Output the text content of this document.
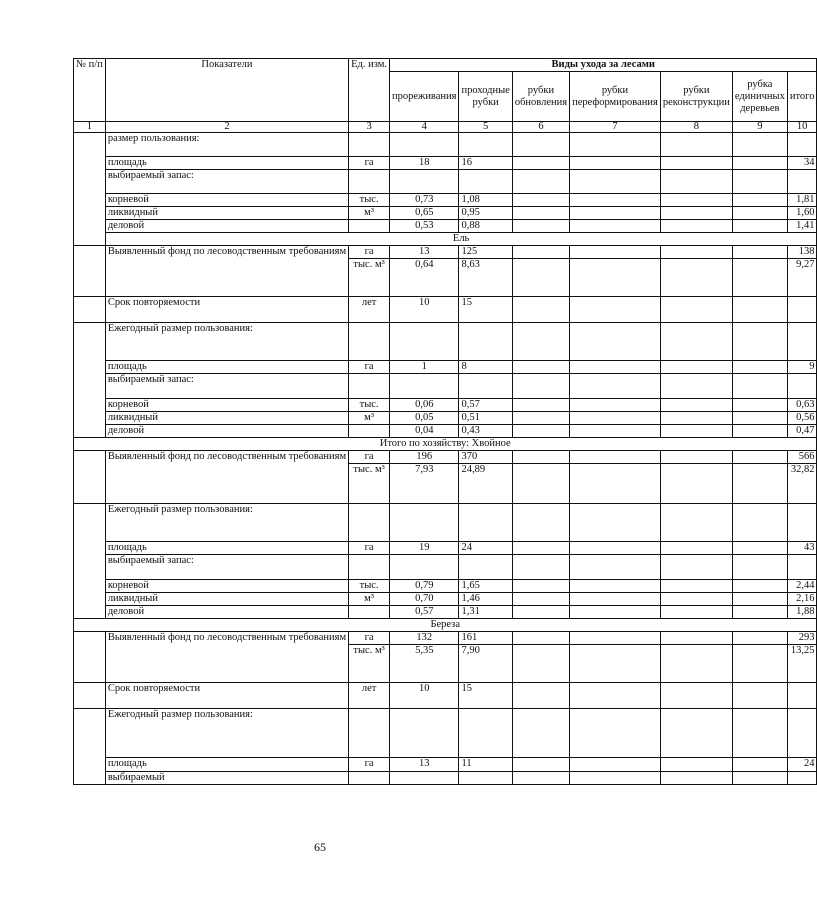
№ п/п	Показатели	Ед. изм.	Виды ухода за лесами						
			прореживания	проходные рубки	рубки обновления	рубки переформирования	рубки реконструкции	рубка единичных деревьев	итого
1	2	3	4	5	6	7	8	9	10
	размер пользования:								
	площадь	га	18	16					34
	выбираемый запас:								
	корневой	тыс.	0,73	1,08					1,81
	ликвидный	м³	0,65	0,95					1,60
	деловой		0,53	0,88					1,41
	Ель								
	Выявленный фонд по лесоводственным требованиям	га	13	125					138
		тыс. м³	0,64	8,63					9,27
	Срок повторяемости	лет	10	15					
	Ежегодный размер пользования:								
	площадь	га	1	8					9
	выбираемый запас:								
	корневой	тыс.	0,06	0,57					0,63
	ликвидный	м³	0,05	0,51					0,56
	деловой		0,04	0,43					0,47
Итого по хозяйству: Хвойное									
	Выявленный фонд по лесоводственным требованиям	га	196	370					566
		тыс. м³	7,93	24,89					32,82
	Ежегодный размер пользования:								
	площадь	га	19	24					43
	выбираемый запас:								
	корневой	тыс.	0,79	1,65					2,44
	ликвидный	м³	0,70	1,46					2,16
	деловой		0,57	1,31					1,88
Береза									
	Выявленный фонд по лесоводственным требованиям	га	132	161					293
		тыс. м³	5,35	7,90					13,25
	Срок повторяемости	лет	10	15					
	Ежегодный размер пользования:								
	площадь	га	13	11					24
	выбираемый								
65
